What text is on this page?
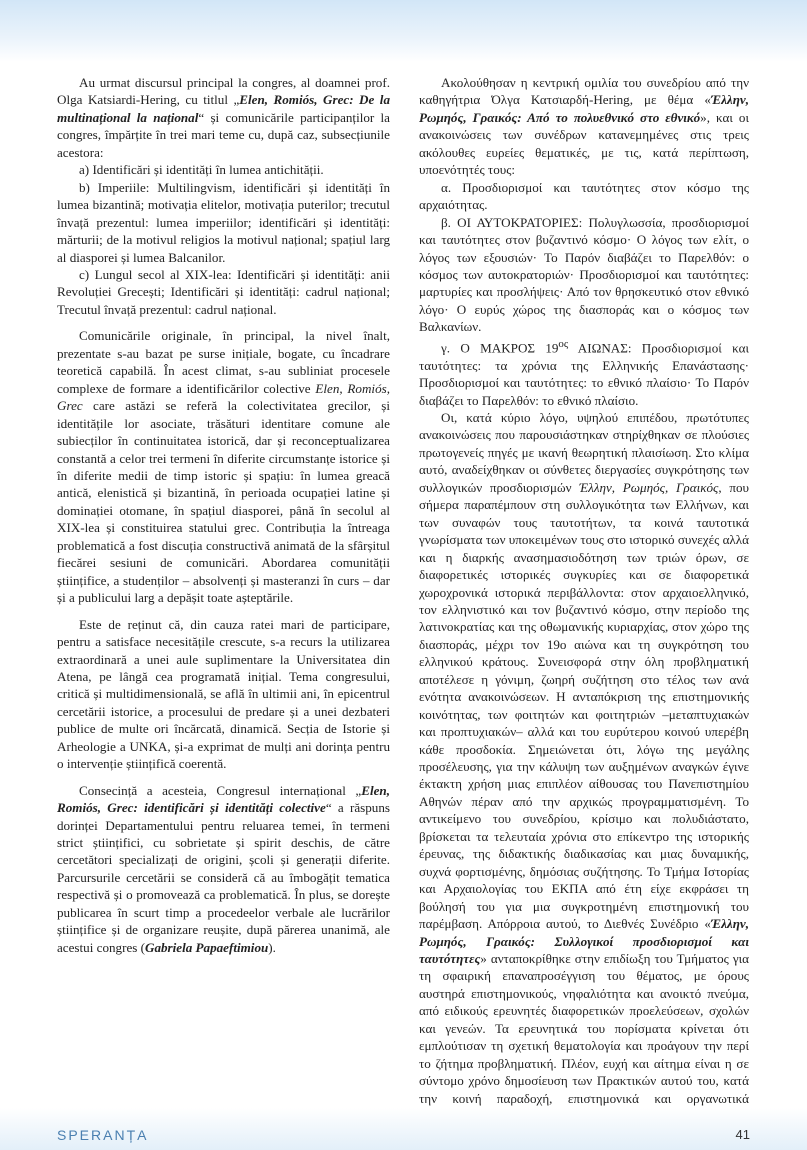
Au urmat discursul principal la congres, al doamnei prof. Olga Katsiardi-Hering, cu titlul „Elen, Romiós, Grec: De la multinațional la național“ și comunicările participanților la congres, împărțite în trei mari teme cu, după caz, subsecțiunile acestora:

a) Identificări și identități în lumea antichității.

b) Imperiile: Multilingvism, identificări și identități în lumea bizantină; motivația elitelor, motivația puterilor; trecutul învață prezentul: lumea imperiilor; identificări și identități: mărturii; de la motivul religios la motivul național; spațiul larg al diasporei și lumea Balcanilor.

c) Lungul secol al XIX-lea: Identificări și identități: anii Revoluției Grecești; Identificări și identități: cadrul național; Trecutul învață prezentul: cadrul național.

Comunicările originale, în principal, la nivel înalt, prezentate s-au bazat pe surse inițiale, bogate, cu încadrare teoretică capabilă. În acest climat, s-au subliniat procesele complexe de formare a identificărilor colective Elen, Romiós, Grec care astăzi se referă la colectivitatea grecilor, și identitățile lor asociate, trăsături identitare comune ale subiecților în continuitatea istorică, dar și reconceptualizarea constantă a celor trei termeni în diferite circumstanțe istorice și în diferite medii de timp istoric și spațiu: în lumea greacă antică, elenistică și bizantină, în perioada ocupației latine și dominației otomane, în spațiul diasporei, până în secolul al XIX-lea și constituirea statului grec. Contribuția la întreaga problematică a fost discuția constructivă animată de la sfârșitul fiecărei sesiuni de comunicări. Abordarea comunității științifice, a studenților – absolvenți și masteranzi în curs – dar și a publicului larg a depășit toate așteptările.

Este de reținut că, din cauza ratei mari de participare, pentru a satisface necesitățile crescute, s-a recurs la utilizarea extraordinară a unei aule suplimentare la Universitatea din Atena, pe lângă cea programată inițial. Tema congresului, critică și multidimensională, se află în ultimii ani, în epicentrul cercetării istorice, a procesului de predare și a unei dezbateri publice de multe ori încărcată, dinamică. Secția de Istorie și Arheologie a UNKA, și-a exprimat de mulți ani dorința pentru o intervenție științifică coerentă.

Consecință a acesteia, Congresul internațional „Elen, Romiós, Grec: identificări și identități colective“ a răspuns dorinței Departamentului pentru reluarea temei, în termeni strict științifici, cu sobrietate și spirit deschis, de către cercetători specializați de origini, școli și generații diferite. Parcursurile cercetării se consideră că au îmbogățit tematica respectivă și o promovează ca problematică. În plus, se dorește publicarea în scurt timp a procedeelor verbale ale lucrărilor științifice și de organizare reușite, după părerea unanimă, ale acestui congres (Gabriela Papaeftimiou).

Ακολούθησαν η κεντρική ομιλία του συνεδρίου από την καθηγήτρια Όλγα Κατσιαρδή-Hering, με θέμα «Έλλην, Ρωμηός, Γραικός: Από το πολυεθνικό στο εθνικό», και οι ανακοινώσεις των συνέδρων κατανεμημένες στις τρεις ακόλουθες ευρείες θεματικές, με τις, κατά περίπτωση, υποενότητές τους:

α. Προσδιορισμοί και ταυτότητες στον κόσμο της αρχαιότητας.

β. ΟΙ ΑΥΤΟΚΡΑΤΟΡΙΕΣ: Πολυγλωσσία, προσδιορισμοί και ταυτότητες στον βυζαντινό κόσμο· Ο λόγος των ελίτ, ο λόγος των εξουσιών· Το Παρόν διαβάζει το Παρελθόν: ο κόσμος των αυτοκρατοριών· Προσδιορισμοί και ταυτότητες: μαρτυρίες και προσλήψεις· Από τον θρησκευτικό στον εθνικό λόγο· Ο ευρύς χώρος της διασποράς και ο κόσμος των Βαλκανίων.

γ. Ο ΜΑΚΡΟΣ $19^{o\varsigma}$ ΑΙΩΝΑΣ: Προσδιορισμοί και ταυτότητες: τα χρόνια της Ελληνικής Επανάστασης· Προσδιορισμοί και ταυτότητες: το εθνικό πλαίσιο· Το Παρόν διαβάζει το Παρελθόν: το εθνικό πλαίσιο.

Οι, κατά κύριο λόγο, υψηλού επιπέδου, πρωτότυπες ανακοινώσεις που παρουσιάστηκαν στηρίχθηκαν σε πλούσιες πρωτογενείς πηγές με ικανή θεωρητική πλαισίωση. Στο κλίμα αυτό, αναδείχθηκαν οι σύνθετες διεργασίες συγκρότησης των συλλογικών προσδιορισμών Έλλην, Ρωμηός, Γραικός, που σήμερα παραπέμπουν στη συλλογικότητα των Ελλήνων, και των συναφών τους ταυτοτήτων, τα κοινά ταυτοτικά γνωρίσματα των υποκειμένων τους στο ιστορικό συνεχές αλλά και η διαρκής ανασημασιοδότηση των τριών όρων, σε διαφορετικές ιστορικές συγκυρίες και σε διαφορετικά χωροχρονικά ιστορικά περιβάλλοντα: στον αρχαιοελληνικό, τον ελληνιστικό και τον βυζαντινό κόσμο, στην περίοδο της λατινοκρατίας και της οθωμανικής κυριαρχίας, στον χώρο της διασποράς, μέχρι τον 19ο αιώνα και τη συγκρότηση του ελληνικού κράτους. Συνεισφορά στην όλη προβληματική αποτέλεσε η γόνιμη, ζωηρή συζήτηση στο τέλος των ανά ενότητα ανακοινώσεων. Η ανταπόκριση της επιστημονικής κοινότητας, των φοιτητών και φοιτητριών –μεταπτυχιακών και προπτυχιακών– αλλά και του ευρύτερου κοινού υπερέβη κάθε προσδοκία. Σημειώνεται ότι, λόγω της μεγάλης προσέλευσης, για την κάλυψη των αυξημένων αναγκών έγινε έκτακτη χρήση μιας επιπλέον αίθουσας του Πανεπιστημίου Αθηνών πέραν από την αρχικώς προγραμματισμένη. Το αντικείμενο του συνεδρίου, κρίσιμο και πολυδιάστατο, βρίσκεται τα τελευταία χρόνια στο επίκεντρο της ιστορικής έρευνας, της διδακτικής διαδικασίας και μιας δυναμικής, συχνά φορτισμένης, δημόσιας συζήτησης. Το Τμήμα Ιστορίας και Αρχαιολογίας του ΕΚΠΑ από έτη είχε εκφράσει τη βούλησή του για μια συγκροτημένη επιστημονική του παρέμβαση. Απόρροια αυτού, το Διεθνές Συνέδριο «Έλλην, Ρωμηός, Γραικός: Συλλογικοί προσδιορισμοί και ταυτότητες» ανταποκρίθηκε στην επιδίωξη του Τμήματος για τη σφαιρική επαναπροσέγγιση του θέματος, με όρους αυστηρά επιστημονικούς, νηφαλιότητα και ανοικτό πνεύμα, από ειδικούς ερευνητές διαφορετικών προελεύσεων, σχολών και γενεών. Τα ερευνητικά του πορίσματα κρίνεται ότι εμπλούτισαν τη σχετική θεματολογία και προάγουν την περί το ζήτημα προβληματική. Πλέον, ευχή και αίτημα είναι η σε σύντομο χρόνο δημοσίευση των Πρακτικών αυτού του, κατά την κοινή παραδοχή, επιστημονικά και οργανωτικά

SPERANȚA	41
